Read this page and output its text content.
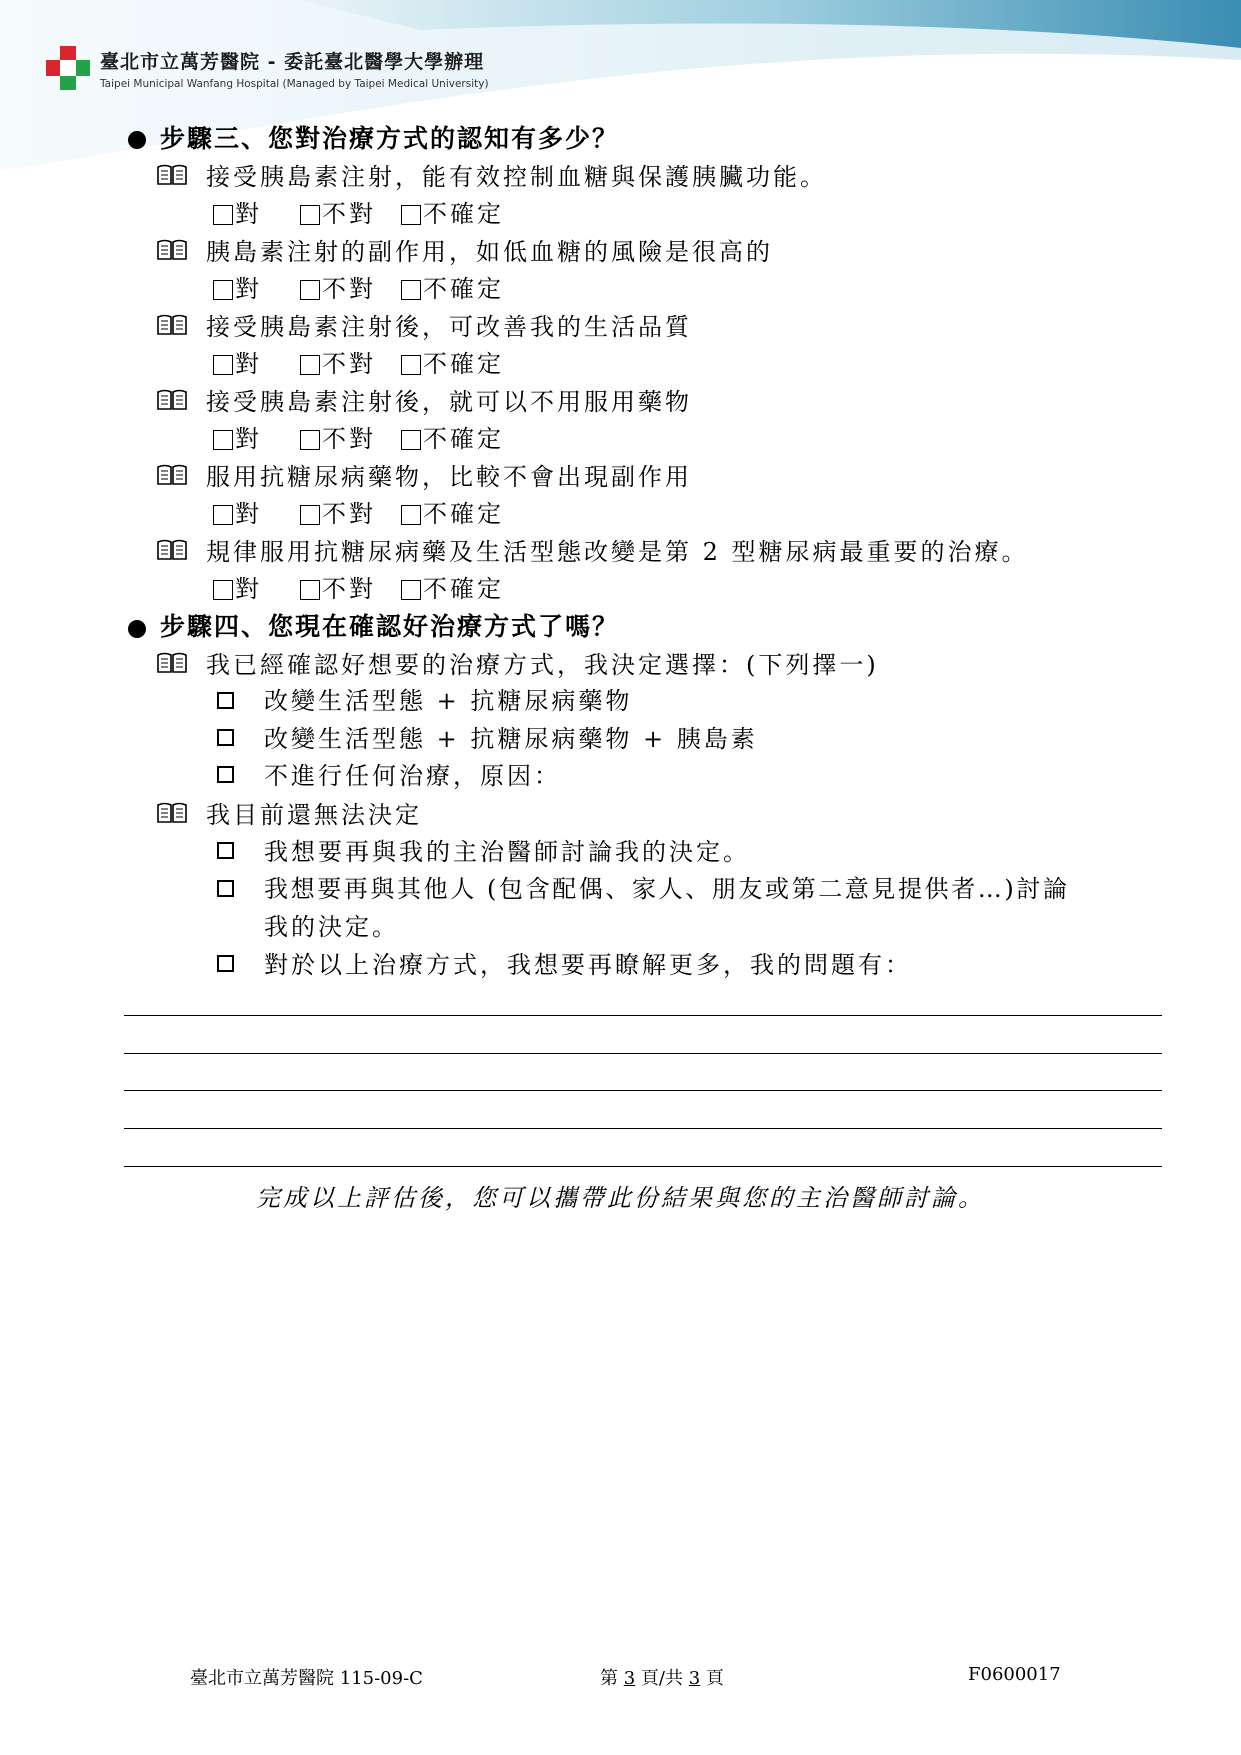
臺北市立萬芳醫院 - 委託臺北醫學大學辦理
Taipei Municipal Wanfang Hospital (Managed by Taipei Medical University)
步驟三、您對治療方式的認知有多少？
接受胰島素注射，能有效控制血糖與保護胰臟功能。
對	不對	不確定
胰島素注射的副作用，如低血糖的風險是很高的
對	不對	不確定
接受胰島素注射後，可改善我的生活品質
對	不對	不確定
接受胰島素注射後，就可以不用服用藥物
對	不對	不確定
服用抗糖尿病藥物，比較不會出現副作用
對	不對	不確定
規律服用抗糖尿病藥及生活型態改變是第 2 型糖尿病最重要的治療。
對	不對	不確定
步驟四、您現在確認好治療方式了嗎？
我已經確認好想要的治療方式，我決定選擇：(下列擇一)
改變生活型態 + 抗糖尿病藥物
改變生活型態 + 抗糖尿病藥物 + 胰島素
不進行任何治療，原因：
我目前還無法決定
我想要再與我的主治醫師討論我的決定。
我想要再與其他人 (包含配偶、家人、朋友或第二意見提供者…)討論
我的決定。
對於以上治療方式，我想要再瞭解更多，我的問題有：
完成以上評估後，您可以攜帶此份結果與您的主治醫師討論。
臺北市立萬芳醫院 115-09-C	第 3 頁/共 3 頁	F0600017
